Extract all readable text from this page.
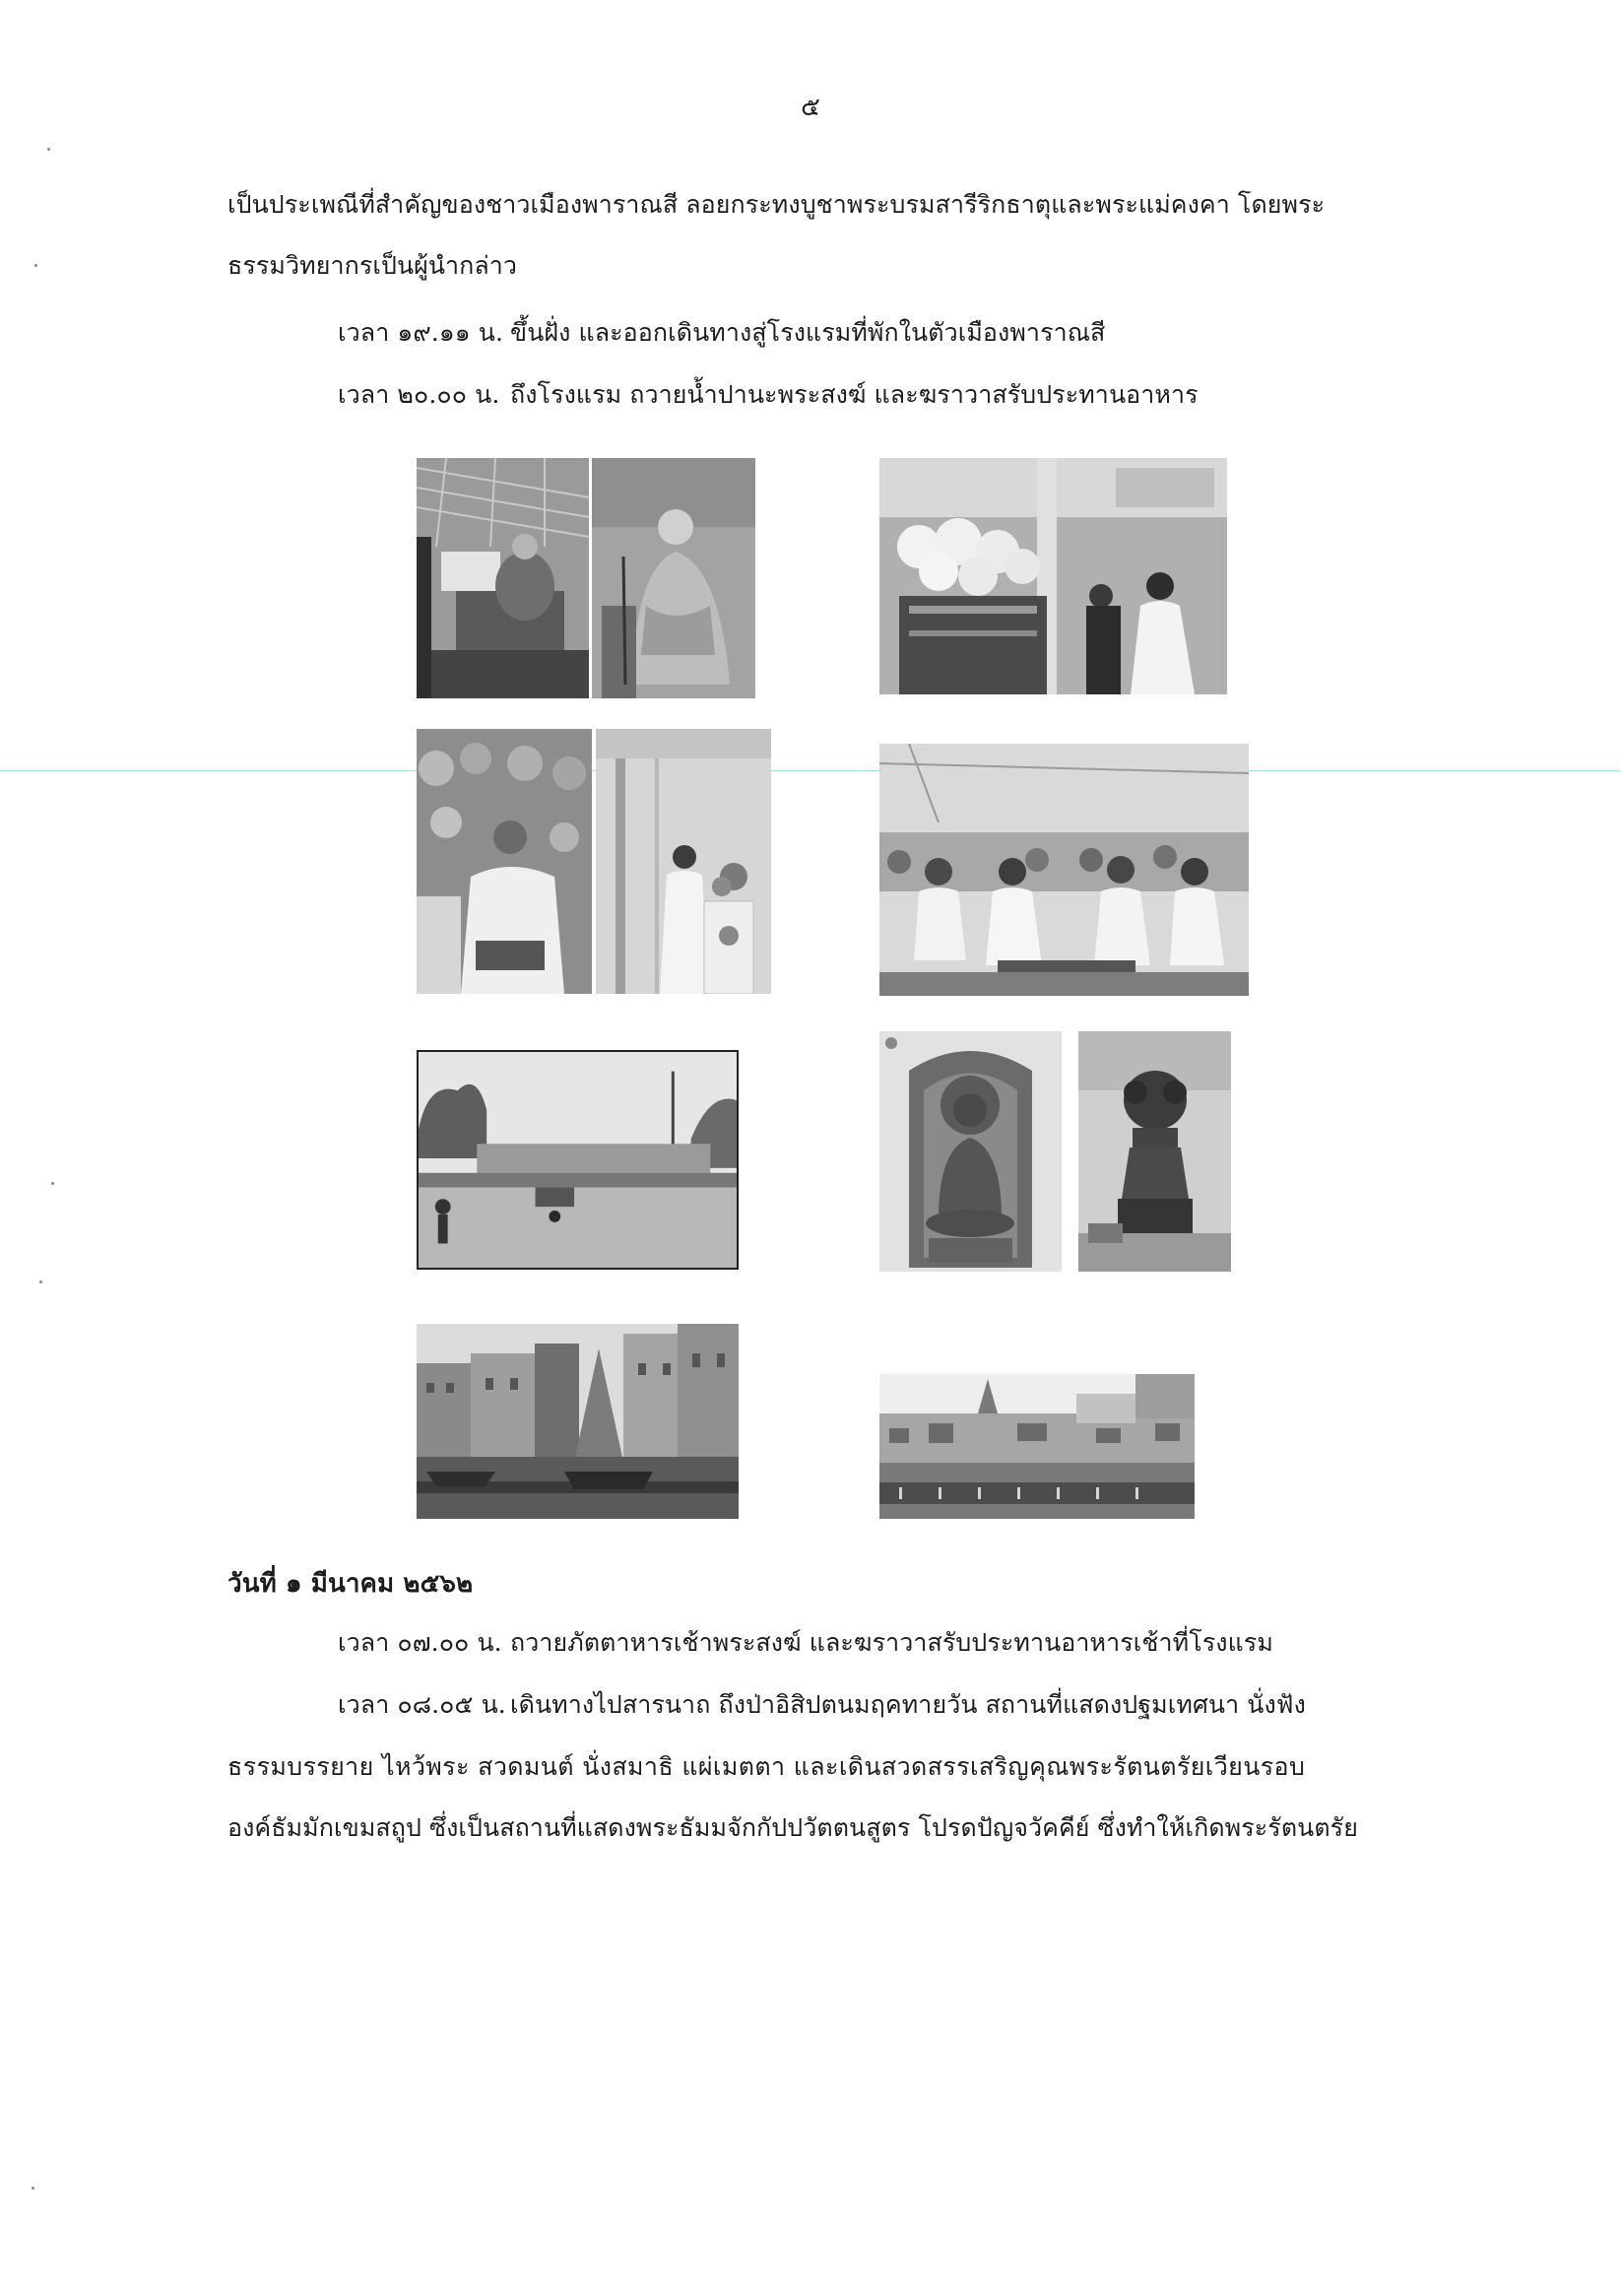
๕
เป็นประเพณีที่สำคัญของชาวเมืองพาราณสี ลอยกระทงบูชาพระบรมสารีริกธาตุและพระแม่คงคา โดยพระ
ธรรมวิทยากรเป็นผู้นำกล่าว
เวลา ๑๙.๑๑ น. ขึ้นฝั่ง และออกเดินทางสู่โรงแรมที่พักในตัวเมืองพาราณสี
เวลา ๒๐.๐๐ น. ถึงโรงแรม ถวายน้ำปานะพระสงฆ์ และฆราวาสรับประทานอาหาร
วันที่ ๑ มีนาคม ๒๕๖๒
เวลา ๐๗.๐๐ น. ถวายภัตตาหารเช้าพระสงฆ์ และฆราวาสรับประทานอาหารเช้าที่โรงแรม
เวลา ๐๘.๐๕ น. เดินทางไปสารนาถ ถึงป่าอิสิปตนมฤคทายวัน สถานที่แสดงปฐมเทศนา นั่งฟัง
ธรรมบรรยาย ไหว้พระ สวดมนต์ นั่งสมาธิ แผ่เมตตา และเดินสวดสรรเสริญคุณพระรัตนตรัยเวียนรอบ
องค์ธัมมักเขมสถูป ซึ่งเป็นสถานที่แสดงพระธัมมจักกัปปวัตตนสูตร โปรดปัญจวัคคีย์ ซึ่งทำให้เกิดพระรัตนตรัย
